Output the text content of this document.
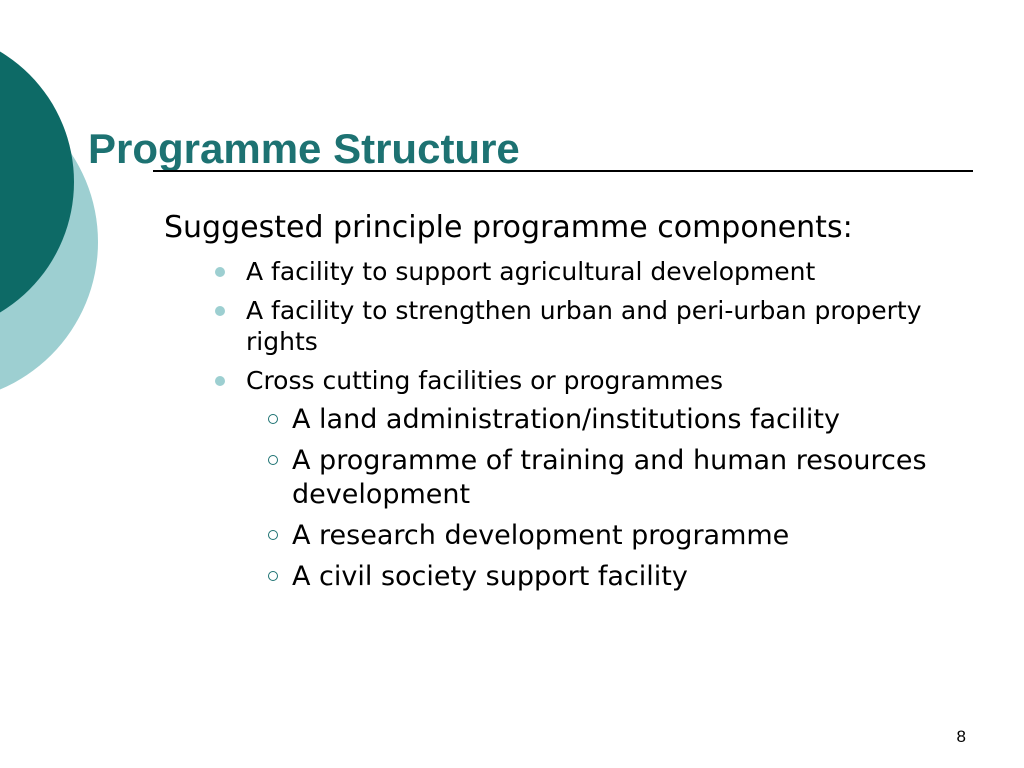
Programme Structure

Suggested principle programme components:

A facility to support agricultural development
A facility to strengthen urban and peri-urban property rights
Cross cutting facilities or programmes
A land administration/institutions facility
A programme of training and human resources development
A research development programme
A civil society support facility
8
